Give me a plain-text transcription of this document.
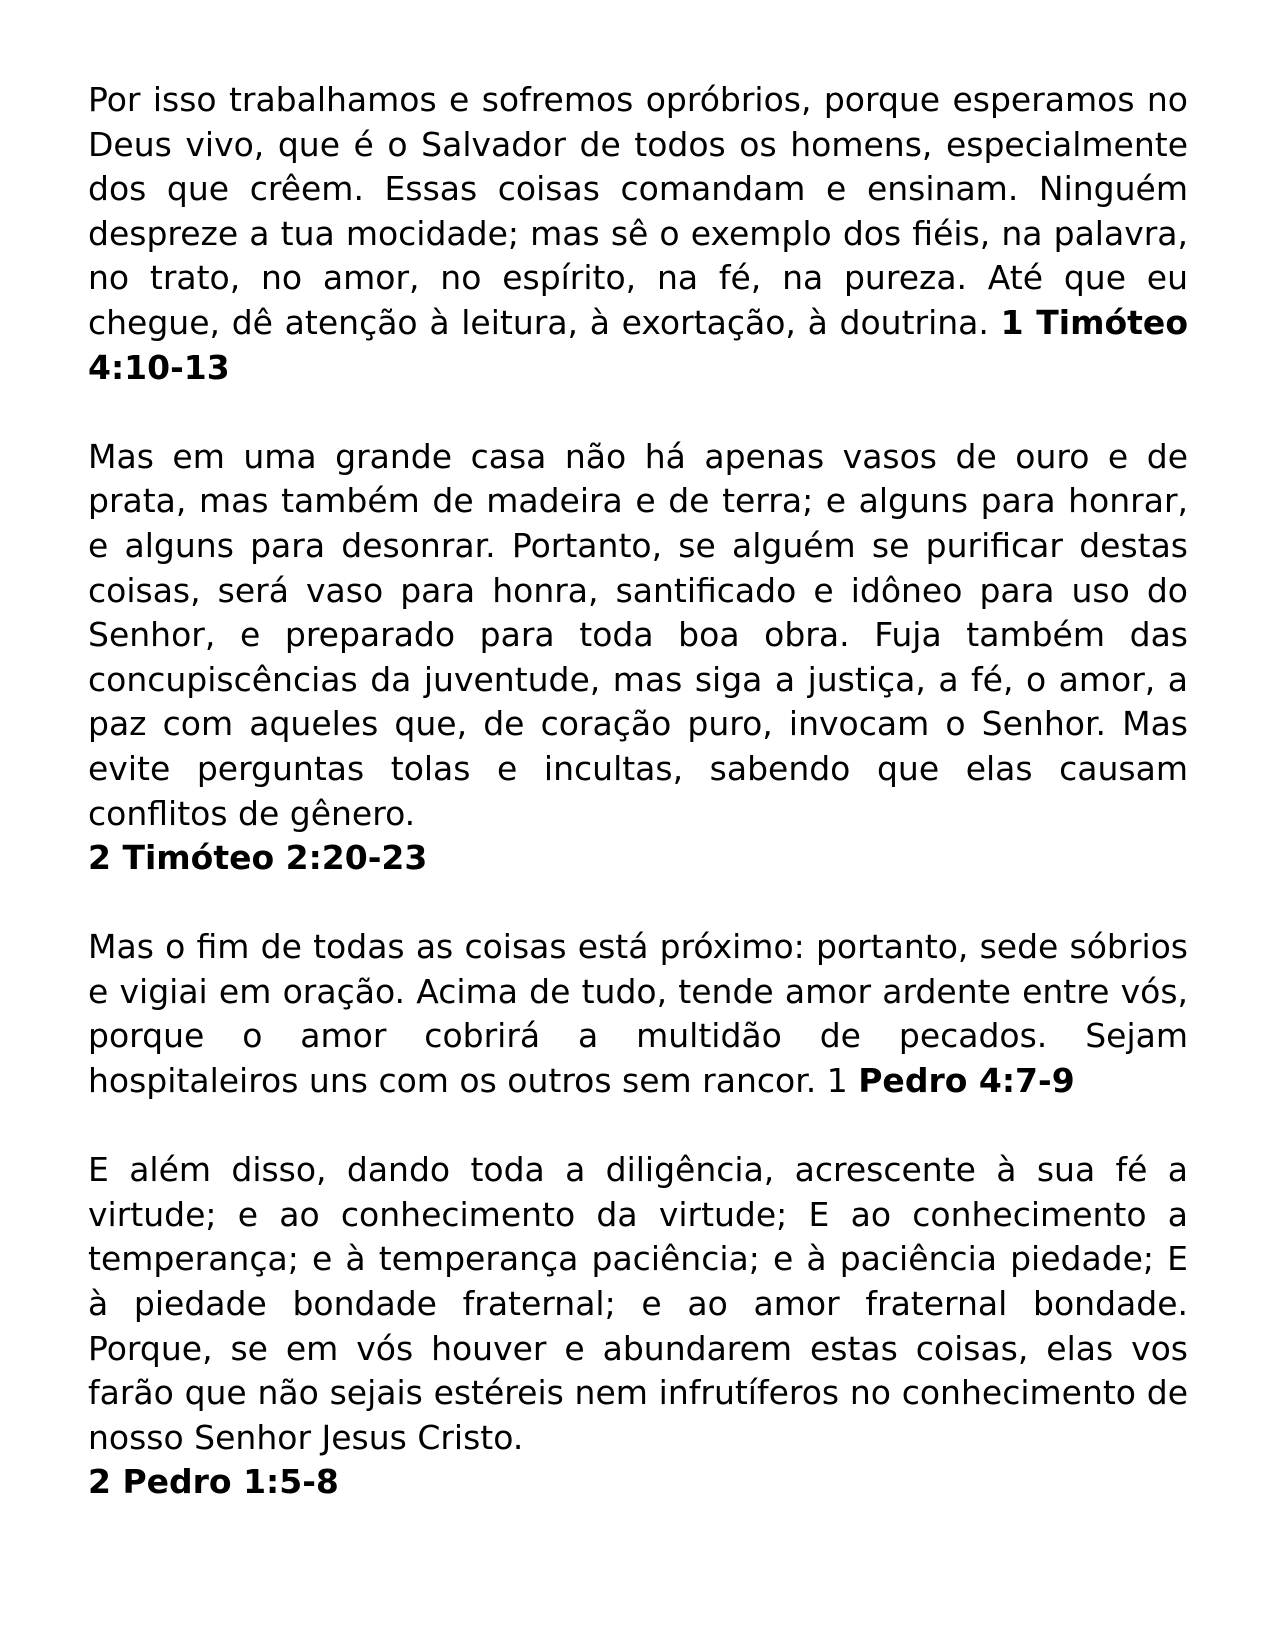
Por isso trabalhamos e sofremos opróbrios, porque esperamos no Deus vivo, que é o Salvador de todos os homens, especialmente dos que crêem. Essas coisas comandam e ensinam. Ninguém despreze a tua mocidade; mas sê o exemplo dos fiéis, na palavra, no trato, no amor, no espírito, na fé, na pureza. Até que eu chegue, dê atenção à leitura, à exortação, à doutrina. 1 Timóteo 4:10-13

Mas em uma grande casa não há apenas vasos de ouro e de prata, mas também de madeira e de terra; e alguns para honrar, e alguns para desonrar. Portanto, se alguém se purificar destas coisas, será vaso para honra, santificado e idôneo para uso do Senhor, e preparado para toda boa obra. Fuja também das concupiscências da juventude, mas siga a justiça, a fé, o amor, a paz com aqueles que, de coração puro, invocam o Senhor. Mas evite perguntas tolas e incultas, sabendo que elas causam conflitos de gênero.
2 Timóteo 2:20-23

Mas o fim de todas as coisas está próximo: portanto, sede sóbrios e vigiai em oração. Acima de tudo, tende amor ardente entre vós, porque o amor cobrirá a multidão de pecados. Sejam hospitaleiros uns com os outros sem rancor. 1 Pedro 4:7-9

E além disso, dando toda a diligência, acrescente à sua fé a virtude; e ao conhecimento da virtude; E ao conhecimento a temperança; e à temperança paciência; e à paciência piedade; E à piedade bondade fraternal; e ao amor fraternal bondade. Porque, se em vós houver e abundarem estas coisas, elas vos farão que não sejais estéreis nem infrutíferos no conhecimento de nosso Senhor Jesus Cristo.
2 Pedro 1:5-8
